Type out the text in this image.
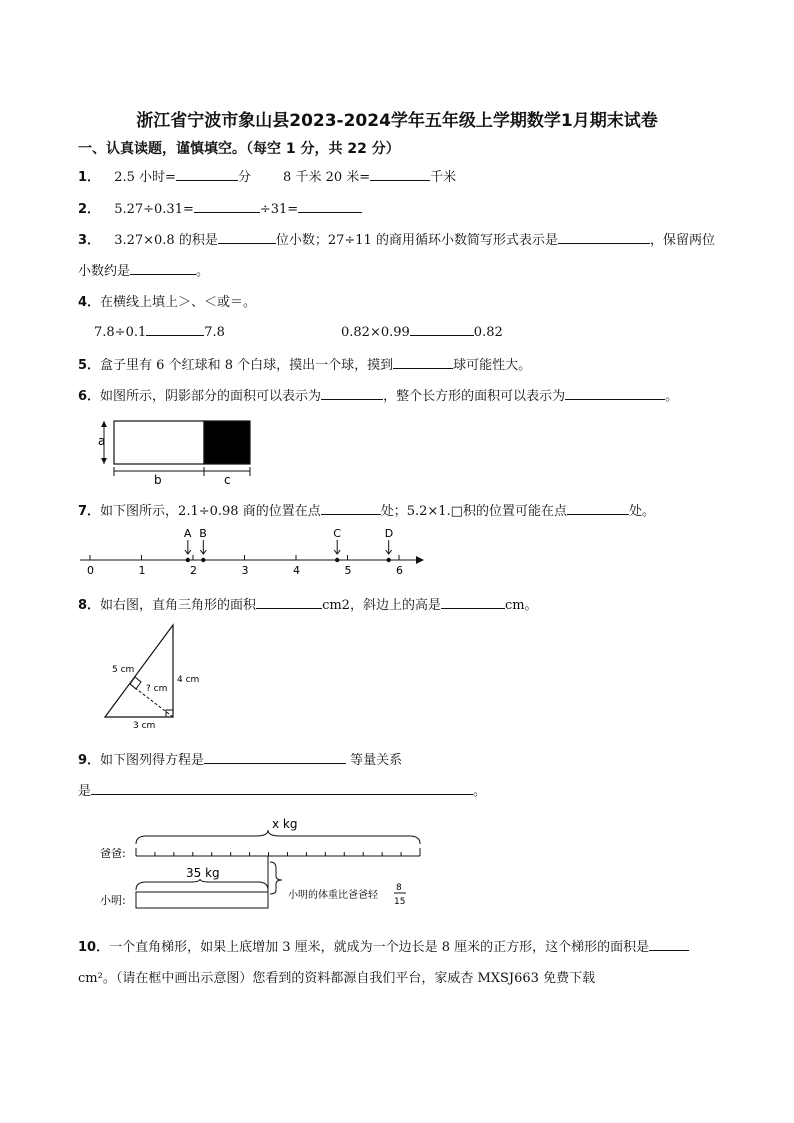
浙江省宁波市象山县2023-2024学年五年级上学期数学1月期末试卷
一、认真读题，谨慎填空。（每空 1 分，共 22 分）
1． 2.5 小时=	分 8 千米 20 米=	千米
2． 5.27÷0.31=	÷31=
3． 3.27×0.8 的积是	位小数；27÷11 的商用循环小数简写形式表示是	，保留两位
小数约是	。
4．在横线上填上＞、＜或＝。
7.8÷0.1	7.8	0.82×0.99	0.82
5．盒子里有 6 个红球和 8 个白球，摸出一个球，摸到	球可能性大。
6．如图所示，阴影部分的面积可以表示为	，整个长方形的面积可以表示为	。
a
b	c
7．如下图所示，2.1÷0.98 商的位置在点	处；5.2×1.□积的位置可能在点	处。
0	1	2	3	4	5	6
A B	C	D
8．如右图，直角三角形的面积	cm2，斜边上的高是	cm。
5 cm
4 cm
? cm
3 cm
9．如下图列得方程是	等量关系
是	。
x kg
爸爸:
35 kg
小明:	小明的体重比爸爸轻
8
15
10．一个直角梯形，如果上底增加 3 厘米，就成为一个边长是 8 厘米的正方形，这个梯形的面积是
cm²。（请在框中画出示意图）您看到的资料都源自我们平台，家威杏 MXSJ663 免费下载
